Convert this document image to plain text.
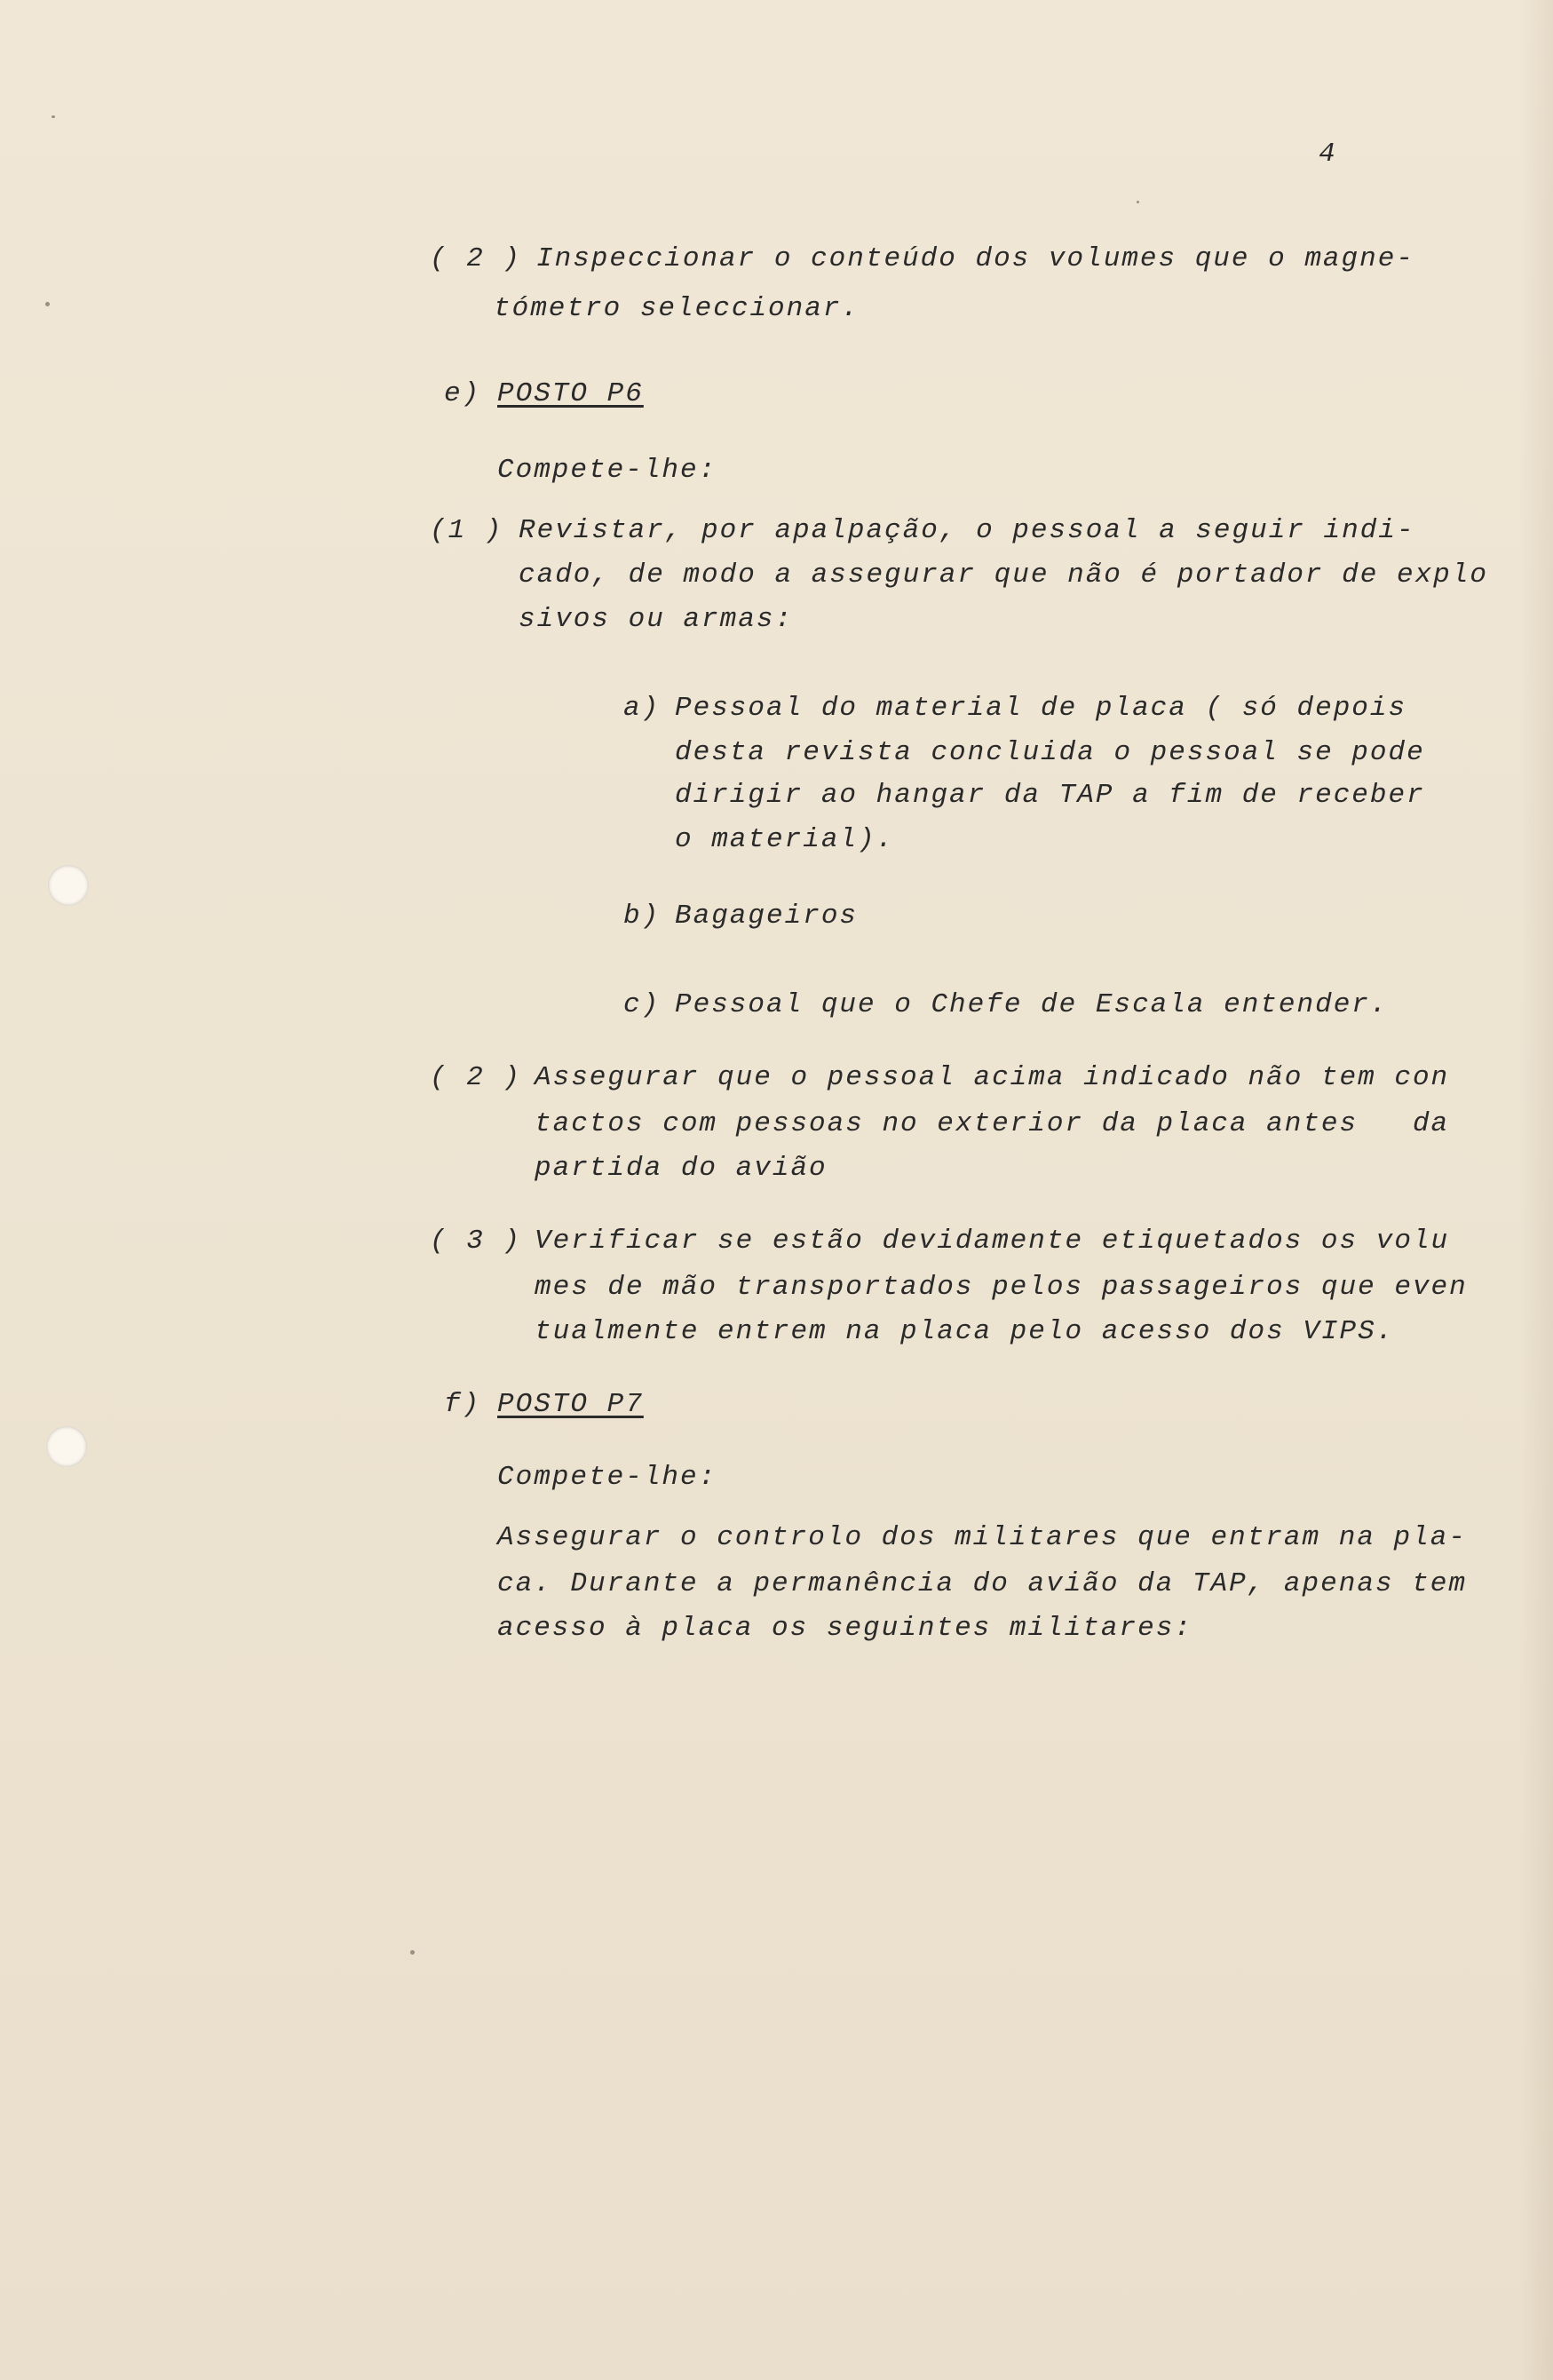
4
( 2 ) Inspeccionar o conteúdo dos volumes que o magne-
tómetro seleccionar.
e) POSTO P6
Compete-lhe:
(1 ) Revistar, por apalpação, o pessoal a seguir indi-
cado, de modo a assegurar que não é portador de explo
sivos ou armas:
a) Pessoal do material de placa ( só depois
desta revista concluida o pessoal se pode
dirigir ao hangar da TAP a fim de receber
o material).
b) Bagageiros
c) Pessoal que o Chefe de Escala entender.
( 2 ) Assegurar que o pessoal acima indicado não tem con
tactos com pessoas no exterior da placa antes   da
partida do avião
( 3 ) Verificar se estão devidamente etiquetados os volu
mes de mão transportados pelos passageiros que even
tualmente entrem na placa pelo acesso dos VIPS.
f) POSTO P7
Compete-lhe:
Assegurar o controlo dos militares que entram na pla-
ca. Durante a permanência do avião da TAP, apenas tem
acesso à placa os seguintes militares:
